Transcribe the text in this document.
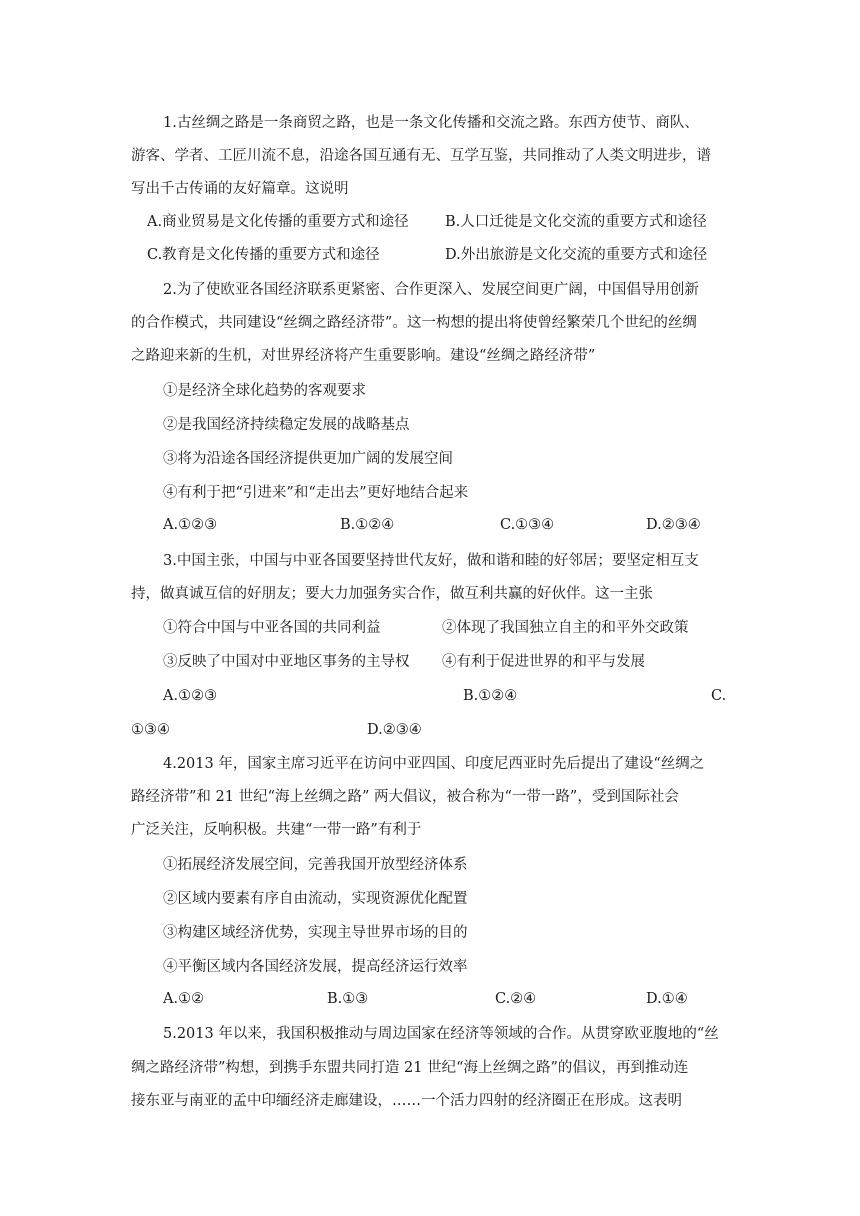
1.古丝绸之路是一条商贸之路，也是一条文化传播和交流之路。东西方使节、商队、
游客、学者、工匠川流不息，沿途各国互通有无、互学互鉴，共同推动了人类文明进步，谱
写出千古传诵的友好篇章。这说明
A.商业贸易是文化传播的重要方式和途径	B.人口迁徙是文化交流的重要方式和途径
C.教育是文化传播的重要方式和途径	D.外出旅游是文化交流的重要方式和途径
2.为了使欧亚各国经济联系更紧密、合作更深入、发展空间更广阔，中国倡导用创新
的合作模式，共同建设“丝绸之路经济带”。这一构想的提出将使曾经繁荣几个世纪的丝绸
之路迎来新的生机，对世界经济将产生重要影响。建设“丝绸之路经济带”
①是经济全球化趋势的客观要求
②是我国经济持续稳定发展的战略基点
③将为沿途各国经济提供更加广阔的发展空间
④有利于把“引进来”和“走出去”更好地结合起来
A.①②③	B.①②④	C.①③④	D.②③④
3.中国主张，中国与中亚各国要坚持世代友好，做和谐和睦的好邻居；要坚定相互支
持，做真诚互信的好朋友；要大力加强务实合作，做互利共赢的好伙伴。这一主张
①符合中国与中亚各国的共同利益	②体现了我国独立自主的和平外交政策
③反映了中国对中亚地区事务的主导权 ④有利于促进世界的和平与发展
A.①②③	B.①②④	C.
①③④	D.②③④
4.2013 年，国家主席习近平在访问中亚四国、印度尼西亚时先后提出了建设“丝绸之
路经济带”和 21 世纪“海上丝绸之路” 两大倡议，被合称为“一带一路”，受到国际社会
广泛关注，反响积极。共建“一带一路”有利于
①拓展经济发展空间，完善我国开放型经济体系
②区域内要素有序自由流动，实现资源优化配置
③构建区域经济优势，实现主导世界市场的目的
④平衡区域内各国经济发展，提高经济运行效率
A.①②	B.①③	C.②④	D.①④
5.2013 年以来，我国积极推动与周边国家在经济等领域的合作。从贯穿欧亚腹地的“丝
绸之路经济带”构想，到携手东盟共同打造 21 世纪“海上丝绸之路”的倡议，再到推动连
接东亚与南亚的孟中印缅经济走廊建设，……一个活力四射的经济圈正在形成。这表明
